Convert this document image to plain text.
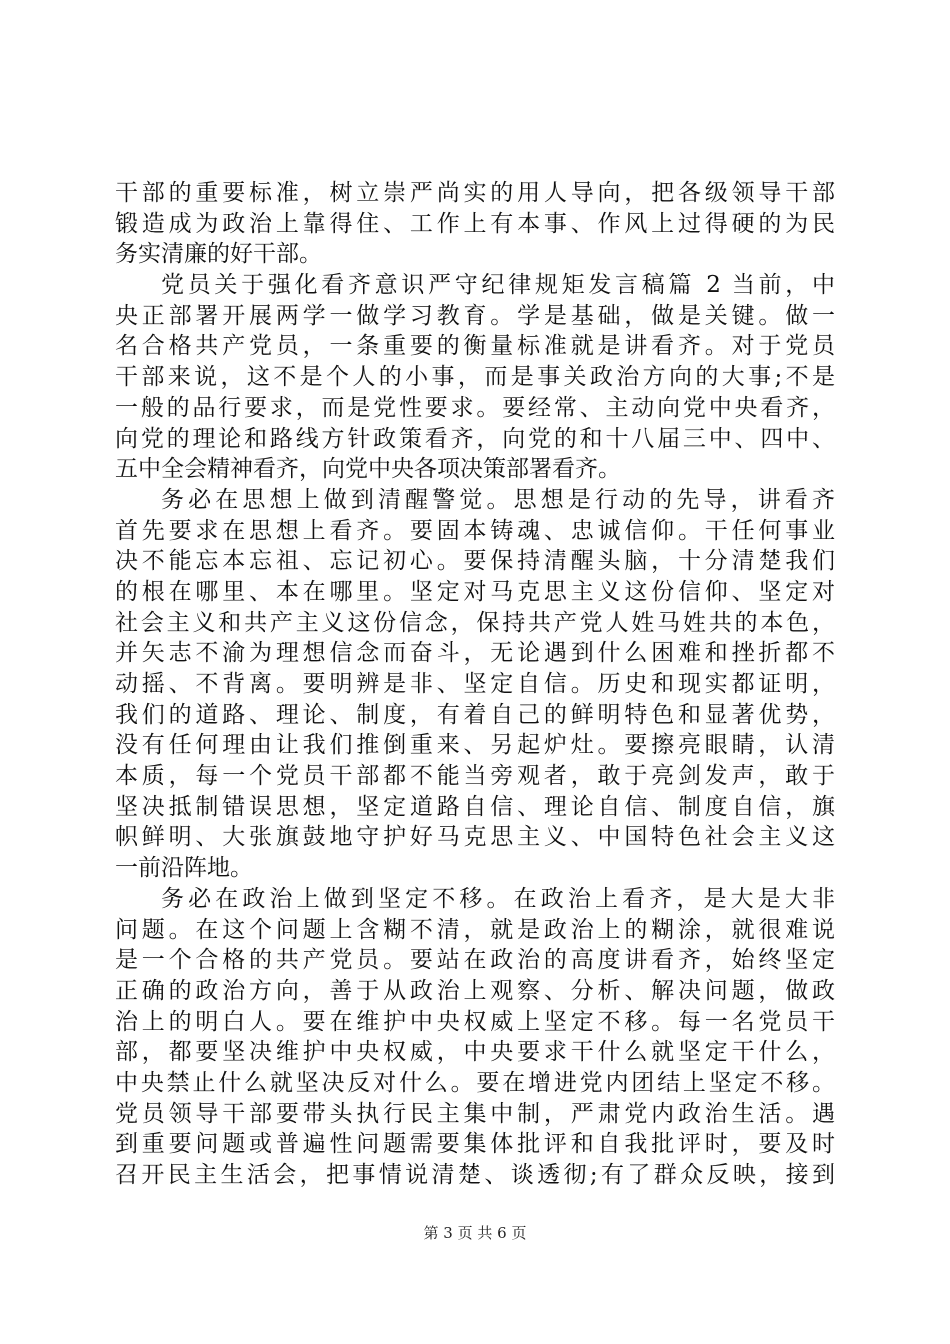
干部的重要标准，树立崇严尚实的用人导向，把各级领导干部
锻造成为政治上靠得住、工作上有本事、作风上过得硬的为民
务实清廉的好干部。
党员关于强化看齐意识严守纪律规矩发言稿篇 2 当前，中
央正部署开展两学一做学习教育。学是基础，做是关键。做一
名合格共产党员，一条重要的衡量标准就是讲看齐。对于党员
干部来说，这不是个人的小事，而是事关政治方向的大事;不是
一般的品行要求，而是党性要求。要经常、主动向党中央看齐，
向党的理论和路线方针政策看齐，向党的和十八届三中、四中、
五中全会精神看齐，向党中央各项决策部署看齐。
务必在思想上做到清醒警觉。思想是行动的先导，讲看齐
首先要求在思想上看齐。要固本铸魂、忠诚信仰。干任何事业
决不能忘本忘祖、忘记初心。要保持清醒头脑，十分清楚我们
的根在哪里、本在哪里。坚定对马克思主义这份信仰、坚定对
社会主义和共产主义这份信念，保持共产党人姓马姓共的本色，
并矢志不渝为理想信念而奋斗，无论遇到什么困难和挫折都不
动摇、不背离。要明辨是非、坚定自信。历史和现实都证明，
我们的道路、理论、制度，有着自己的鲜明特色和显著优势，
没有任何理由让我们推倒重来、另起炉灶。要擦亮眼睛，认清
本质，每一个党员干部都不能当旁观者，敢于亮剑发声，敢于
坚决抵制错误思想，坚定道路自信、理论自信、制度自信，旗
帜鲜明、大张旗鼓地守护好马克思主义、中国特色社会主义这
一前沿阵地。
务必在政治上做到坚定不移。在政治上看齐，是大是大非
问题。在这个问题上含糊不清，就是政治上的糊涂，就很难说
是一个合格的共产党员。要站在政治的高度讲看齐，始终坚定
正确的政治方向，善于从政治上观察、分析、解决问题，做政
治上的明白人。要在维护中央权威上坚定不移。每一名党员干
部，都要坚决维护中央权威，中央要求干什么就坚定干什么，
中央禁止什么就坚决反对什么。要在增进党内团结上坚定不移。
党员领导干部要带头执行民主集中制，严肃党内政治生活。遇
到重要问题或普遍性问题需要集体批评和自我批评时，要及时
召开民主生活会，把事情说清楚、谈透彻;有了群众反映，接到
第 3 页 共 6 页
